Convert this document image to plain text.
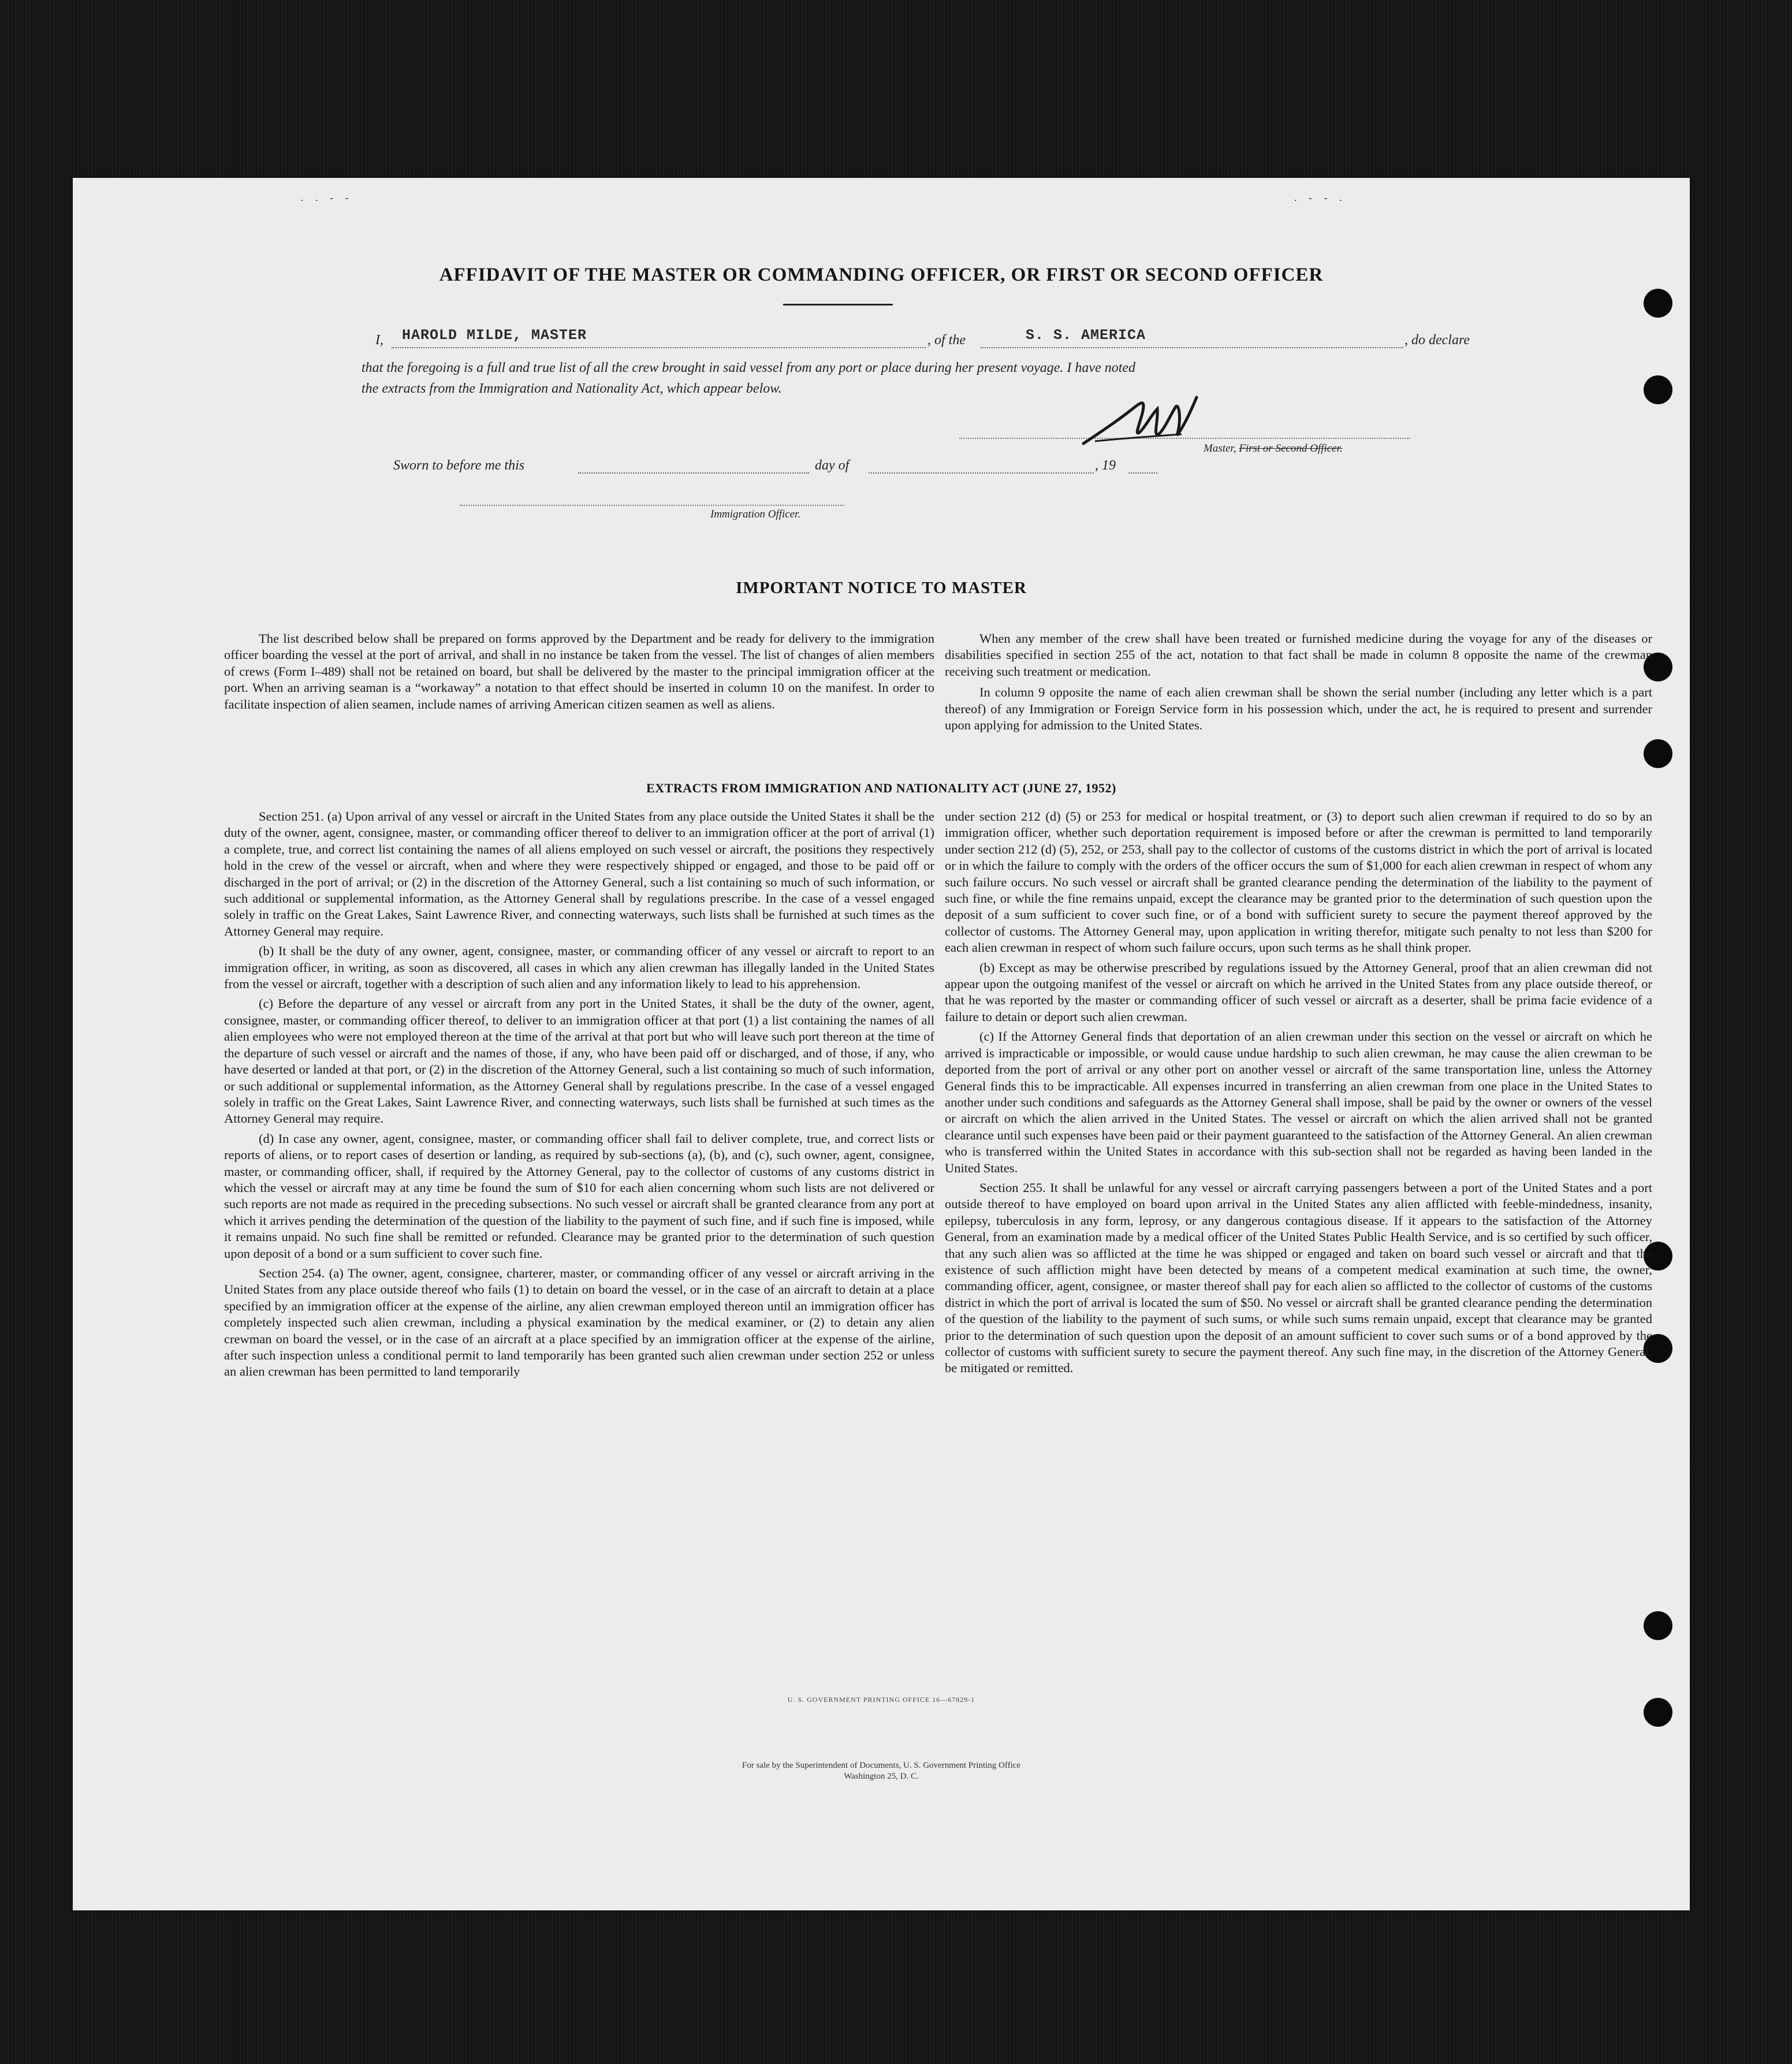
. . - -	. - - .
AFFIDAVIT OF THE MASTER OR COMMANDING OFFICER, OR FIRST OR SECOND OFFICER
I, HAROLD MILDE, MASTER	, of the	S. S. AMERICA	, do declare
that the foregoing is a full and true list of all the crew brought in said vessel from any port or place during her present voyage. I have noted
the extracts from the Immigration and Nationality Act, which appear below.
Master, First or Second Officer.
Sworn to before me this	day of	, 19
Immigration Officer.
IMPORTANT NOTICE TO MASTER

The list described below shall be prepared on forms approved by the Department and be ready for delivery to the immigration officer boarding the vessel at the port of arrival, and shall in no instance be taken from the vessel. The list of changes of alien members of crews (Form I–489) shall not be retained on board, but shall be delivered by the master to the principal immigration officer at the port. When an arriving seaman is a “workaway” a notation to that effect should be inserted in column 10 on the manifest. In order to facilitate inspection of alien seamen, include names of arriving American citizen seamen as well as aliens.

When any member of the crew shall have been treated or furnished medicine during the voyage for any of the diseases or disabilities specified in section 255 of the act, notation to that fact shall be made in column 8 opposite the name of the crewman receiving such treatment or medication.

In column 9 opposite the name of each alien crewman shall be shown the serial number (including any letter which is a part thereof) of any Immigration or Foreign Service form in his possession which, under the act, he is required to present and surrender upon applying for admission to the United States.

EXTRACTS FROM IMMIGRATION AND NATIONALITY ACT (JUNE 27, 1952)

Section 251. (a) Upon arrival of any vessel or aircraft in the United States from any place outside the United States it shall be the duty of the owner, agent, consignee, master, or commanding officer thereof to deliver to an immigration officer at the port of arrival (1) a complete, true, and correct list containing the names of all aliens employed on such vessel or aircraft, the positions they respectively hold in the crew of the vessel or aircraft, when and where they were respectively shipped or engaged, and those to be paid off or discharged in the port of arrival; or (2) in the discretion of the Attorney General, such a list containing so much of such information, or such additional or supplemental information, as the Attorney General shall by regulations prescribe. In the case of a vessel engaged solely in traffic on the Great Lakes, Saint Lawrence River, and connecting waterways, such lists shall be furnished at such times as the Attorney General may require.

(b) It shall be the duty of any owner, agent, consignee, master, or commanding officer of any vessel or aircraft to report to an immigration officer, in writing, as soon as discovered, all cases in which any alien crewman has illegally landed in the United States from the vessel or aircraft, together with a description of such alien and any information likely to lead to his apprehension.

(c) Before the departure of any vessel or aircraft from any port in the United States, it shall be the duty of the owner, agent, consignee, master, or commanding officer thereof, to deliver to an immigration officer at that port (1) a list containing the names of all alien employees who were not employed thereon at the time of the arrival at that port but who will leave such port thereon at the time of the departure of such vessel or aircraft and the names of those, if any, who have been paid off or discharged, and of those, if any, who have deserted or landed at that port, or (2) in the discretion of the Attorney General, such a list containing so much of such information, or such additional or supplemental information, as the Attorney General shall by regulations prescribe. In the case of a vessel engaged solely in traffic on the Great Lakes, Saint Lawrence River, and connecting waterways, such lists shall be furnished at such times as the Attorney General may require.

(d) In case any owner, agent, consignee, master, or commanding officer shall fail to deliver complete, true, and correct lists or reports of aliens, or to report cases of desertion or landing, as required by sub-sections (a), (b), and (c), such owner, agent, consignee, master, or commanding officer, shall, if required by the Attorney General, pay to the collector of customs of any customs district in which the vessel or aircraft may at any time be found the sum of $10 for each alien concerning whom such lists are not delivered or such reports are not made as required in the preceding subsections. No such vessel or aircraft shall be granted clearance from any port at which it arrives pending the determination of the question of the liability to the payment of such fine, and if such fine is imposed, while it remains unpaid. No such fine shall be remitted or refunded. Clearance may be granted prior to the determination of such question upon deposit of a bond or a sum sufficient to cover such fine.

Section 254. (a) The owner, agent, consignee, charterer, master, or commanding officer of any vessel or aircraft arriving in the United States from any place outside thereof who fails (1) to detain on board the vessel, or in the case of an aircraft to detain at a place specified by an immigration officer at the expense of the airline, any alien crewman employed thereon until an immigration officer has completely inspected such alien crewman, including a physical examination by the medical examiner, or (2) to detain any alien crewman on board the vessel, or in the case of an aircraft at a place specified by an immigration officer at the expense of the airline, after such inspection unless a conditional permit to land temporarily has been granted such alien crewman under section 252 or unless an alien crewman has been permitted to land temporarily

under section 212 (d) (5) or 253 for medical or hospital treatment, or (3) to deport such alien crewman if required to do so by an immigration officer, whether such deportation requirement is imposed before or after the crewman is permitted to land temporarily under section 212 (d) (5), 252, or 253, shall pay to the collector of customs of the customs district in which the port of arrival is located or in which the failure to comply with the orders of the officer occurs the sum of $1,000 for each alien crewman in respect of whom any such failure occurs. No such vessel or aircraft shall be granted clearance pending the determination of the liability to the payment of such fine, or while the fine remains unpaid, except the clearance may be granted prior to the determination of such question upon the deposit of a sum sufficient to cover such fine, or of a bond with sufficient surety to secure the payment thereof approved by the collector of customs. The Attorney General may, upon application in writing therefor, mitigate such penalty to not less than $200 for each alien crewman in respect of whom such failure occurs, upon such terms as he shall think proper.

(b) Except as may be otherwise prescribed by regulations issued by the Attorney General, proof that an alien crewman did not appear upon the outgoing manifest of the vessel or aircraft on which he arrived in the United States from any place outside thereof, or that he was reported by the master or commanding officer of such vessel or aircraft as a deserter, shall be prima facie evidence of a failure to detain or deport such alien crewman.

(c) If the Attorney General finds that deportation of an alien crewman under this section on the vessel or aircraft on which he arrived is impracticable or impossible, or would cause undue hardship to such alien crewman, he may cause the alien crewman to be deported from the port of arrival or any other port on another vessel or aircraft of the same transportation line, unless the Attorney General finds this to be impracticable. All expenses incurred in transferring an alien crewman from one place in the United States to another under such conditions and safeguards as the Attorney General shall impose, shall be paid by the owner or owners of the vessel or aircraft on which the alien arrived in the United States. The vessel or aircraft on which the alien arrived shall not be granted clearance until such expenses have been paid or their payment guaranteed to the satisfaction of the Attorney General. An alien crewman who is transferred within the United States in accordance with this sub-section shall not be regarded as having been landed in the United States.

Section 255. It shall be unlawful for any vessel or aircraft carrying passengers between a port of the United States and a port outside thereof to have employed on board upon arrival in the United States any alien afflicted with feeble-mindedness, insanity, epilepsy, tuberculosis in any form, leprosy, or any dangerous contagious disease. If it appears to the satisfaction of the Attorney General, from an examination made by a medical officer of the United States Public Health Service, and is so certified by such officer, that any such alien was so afflicted at the time he was shipped or engaged and taken on board such vessel or aircraft and that the existence of such affliction might have been detected by means of a competent medical examination at such time, the owner, commanding officer, agent, consignee, or master thereof shall pay for each alien so afflicted to the collector of customs of the customs district in which the port of arrival is located the sum of $50. No vessel or aircraft shall be granted clearance pending the determination of the question of the liability to the payment of such sums, or while such sums remain unpaid, except that clearance may be granted prior to the determination of such question upon the deposit of an amount sufficient to cover such sums or of a bond approved by the collector of customs with sufficient surety to secure the payment thereof. Any such fine may, in the discretion of the Attorney General, be mitigated or remitted.

U. S. GOVERNMENT PRINTING OFFICE 16—67829-1
For sale by the Superintendent of Documents, U. S. Government Printing Office
Washington 25, D. C.
